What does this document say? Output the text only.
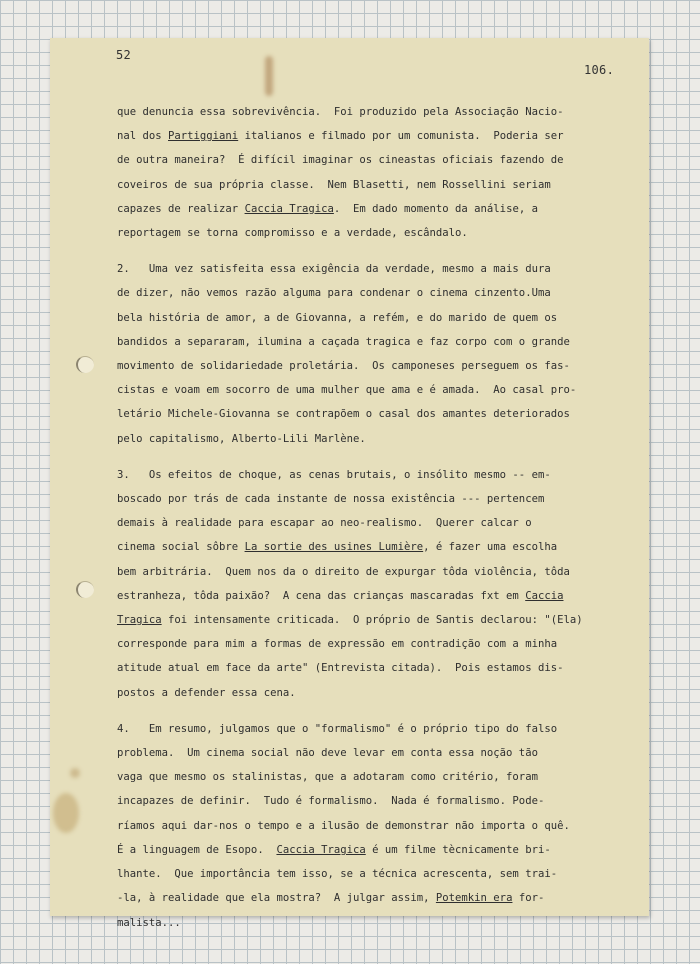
52
106.
que denuncia essa sobrevivência.  Foi produzido pela Associação Nacio-
nal dos Partiggiani italianos e filmado por um comunista.  Poderia ser
de outra maneira?  É difícil imaginar os cineastas oficiais fazendo de
coveiros de sua própria classe.  Nem Blasetti, nem Rossellini seriam
capazes de realizar Caccia Tragica.  Em dado momento da análise, a
reportagem se torna compromisso e a verdade, escândalo.
2.   Uma vez satisfeita essa exigência da verdade, mesmo a mais dura
de dizer, não vemos razão alguma para condenar o cinema cinzento.Uma
bela história de amor, a de Giovanna, a refém, e do marido de quem os
bandidos a separaram, ilumina a caçada tragica e faz corpo com o grande
movimento de solidariedade proletária.  Os camponeses perseguem os fas-
cistas e voam em socorro de uma mulher que ama e é amada.  Ao casal pro-
letário Michele-Giovanna se contrapõem o casal dos amantes deteriorados
pelo capitalismo, Alberto-Lili Marlène.
3.   Os efeitos de choque, as cenas brutais, o insólito mesmo -- em-
boscado por trás de cada instante de nossa existência --- pertencem
demais à realidade para escapar ao neo-realismo.  Querer calcar o
cinema social sôbre La sortie des usines Lumière, é fazer uma escolha
bem arbitrária.  Quem nos da o direito de expurgar tôda violência, tôda
estranheza, tôda paixão?  A cena das crianças mascaradas fxt em Caccia
Tragica foi intensamente criticada.  O próprio de Santis declarou: "(Ela)
corresponde para mim a formas de expressão em contradição com a minha
atitude atual em face da arte" (Entrevista citada).  Pois estamos dis-
postos a defender essa cena.
4.   Em resumo, julgamos que o "formalismo" é o próprio tipo do falso
problema.  Um cinema social não deve levar em conta essa noção tão
vaga que mesmo os stalinistas, que a adotaram como critério, foram
incapazes de definir.  Tudo é formalismo.  Nada é formalismo. Pode-
ríamos aqui dar-nos o tempo e a ilusão de demonstrar não importa o quê.
É a linguagem de Esopo.  Caccia Tragica é um filme tècnicamente bri-
lhante.  Que importância tem isso, se a técnica acrescenta, sem trai-
-la, à realidade que ela mostra?  A julgar assim, Potemkin era for-
malista...
